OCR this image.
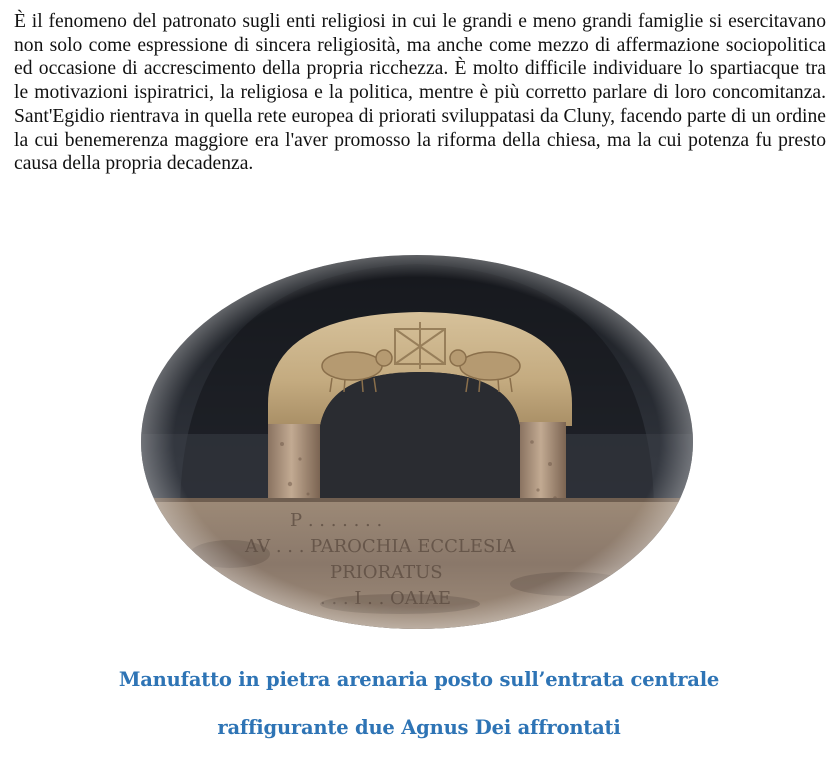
È il fenomeno del patronato sugli enti religiosi in cui le grandi e meno grandi famiglie si esercitavano non solo come espressione di sincera religiosità, ma anche come mezzo di affermazione sociopolitica ed occasione di accrescimento della propria ricchezza. È molto difficile individuare lo spartiacque tra le motivazioni ispiratrici, la religiosa e la politica, mentre è più corretto parlare di loro concomitanza. Sant'Egidio rientrava in quella rete europea di priorati sviluppatasi da Cluny, facendo parte di un ordine la cui benemerenza maggiore era l'aver promosso la riforma della chiesa, ma la cui potenza fu presto causa della propria decadenza.

Manufatto in pietra arenaria posto sull’entrata centrale

raffigurante due Agnus Dei affrontati
